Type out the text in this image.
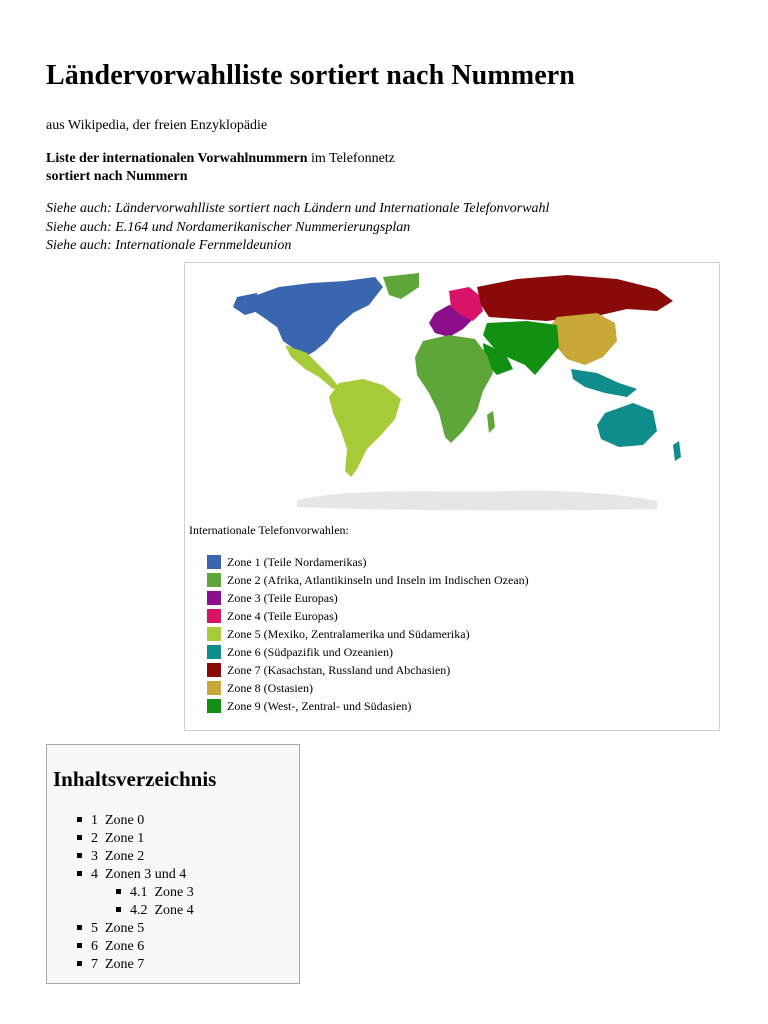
Ländervorwahlliste sortiert nach Nummern
aus Wikipedia, der freien Enzyklopädie
Liste der internationalen Vorwahlnummern im Telefonnetz
sortiert nach Nummern
Siehe auch: Ländervorwahlliste sortiert nach Ländern und Internationale Telefonvorwahl
Siehe auch: E.164 und Nordamerikanischer Nummerierungsplan
Siehe auch: Internationale Fernmeldeunion
Internationale Telefonvorwahlen:
Zone 1 (Teile Nordamerikas)
Zone 2 (Afrika, Atlantikinseln und Inseln im Indischen Ozean)
Zone 3 (Teile Europas)
Zone 4 (Teile Europas)
Zone 5 (Mexiko, Zentralamerika und Südamerika)
Zone 6 (Südpazifik und Ozeanien)
Zone 7 (Kasachstan, Russland und Abchasien)
Zone 8 (Ostasien)
Zone 9 (West-, Zentral- und Südasien)
Inhaltsverzeichnis
1 Zone 0
2 Zone 1
3 Zone 2
4 Zonen 3 und 4
4.1 Zone 3
4.2 Zone 4
5 Zone 5
6 Zone 6
7 Zone 7
